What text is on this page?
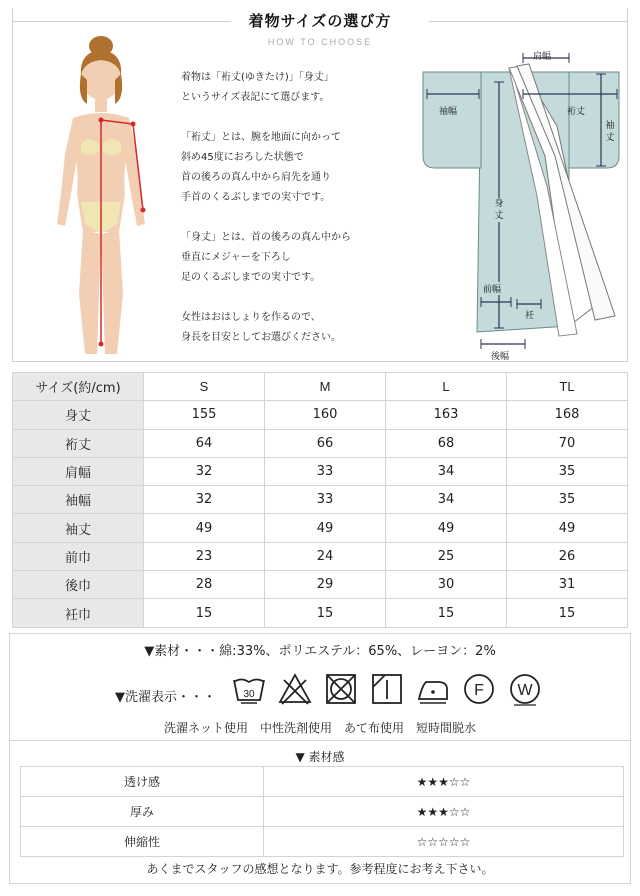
着物サイズの選び方
HOW TO CHOOSE

着物は「裄丈(ゆきたけ)」「身丈」

というサイズ表記にて選びます。

「裄丈」とは、腕を地面に向かって

斜め45度におろした状態で

首の後ろの真ん中から肩先を通り

手首のくるぶしまでの実寸です。

「身丈」とは、首の後ろの真ん中から

垂直にメジャーを下ろし

足のくるぶしまでの実寸です。

女性はおはしょりを作るので、

身長を目安としてお選びください。

肩幅
袖幅	裄丈
袖丈
身丈
前幅
衽
後幅
サイズ(約/cm)	S	M	L	TL
身丈	155	160	163	168
裄丈	64	66	68	70
肩幅	32	33	34	35
袖幅	32	33	34	35
袖丈	49	49	49	49
前巾	23	24	25	26
後巾	28	29	30	31
衽巾	15	15	15	15
▼素材・・・綿:33%、ポリエステル：65%、レーヨン：2%
▼洗濯表示・・・	30	F W
洗濯ネット使用　中性洗剤使用　あて布使用　短時間脱水
▼ 素材感
透け感	★★★☆☆
厚み	★★★☆☆
伸縮性	☆☆☆☆☆
あくまでスタッフの感想となります。参考程度にお考え下さい。
